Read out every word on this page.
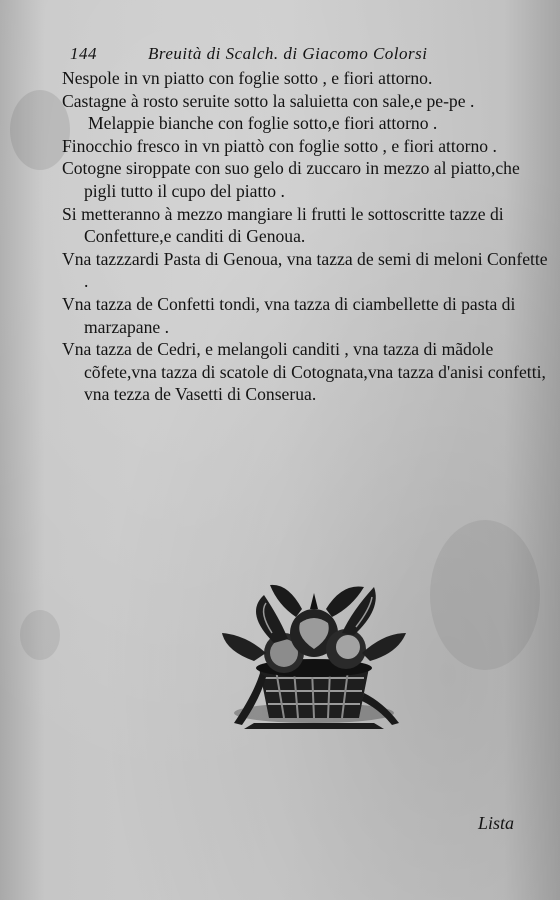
144	Breuità di Scalch. di Giacomo Colorsi

Nespole in vn piatto con foglie sotto , e fiori attorno.

Castagne à rosto seruite sotto la saluietta con sale,e pe-pe .

Melappie bianche con foglie sotto,e fiori attorno .

Finocchio fresco in vn piattò con foglie sotto , e fiori attorno .

Cotogne siroppate con suo gelo di zuccaro in mezzo al piatto,che pigli tutto il cupo del piatto .

Si metteranno à mezzo mangiare li frutti le sottoscritte tazze di Confetture,e canditi di Genoua.

Vna tazzzardi Pasta di Genoua, vna tazza de semi di meloni Confette .

Vna tazza de Confetti tondi, vna tazza di ciambellette di pasta di marzapane .

Vna tazza de Cedri, e melangoli canditi , vna tazza di mãdole cõfete,vna tazza di scatole di Cotognata,vna tazza d'anisi confetti, vna tezza de Vasetti di Conserua.

Lista
